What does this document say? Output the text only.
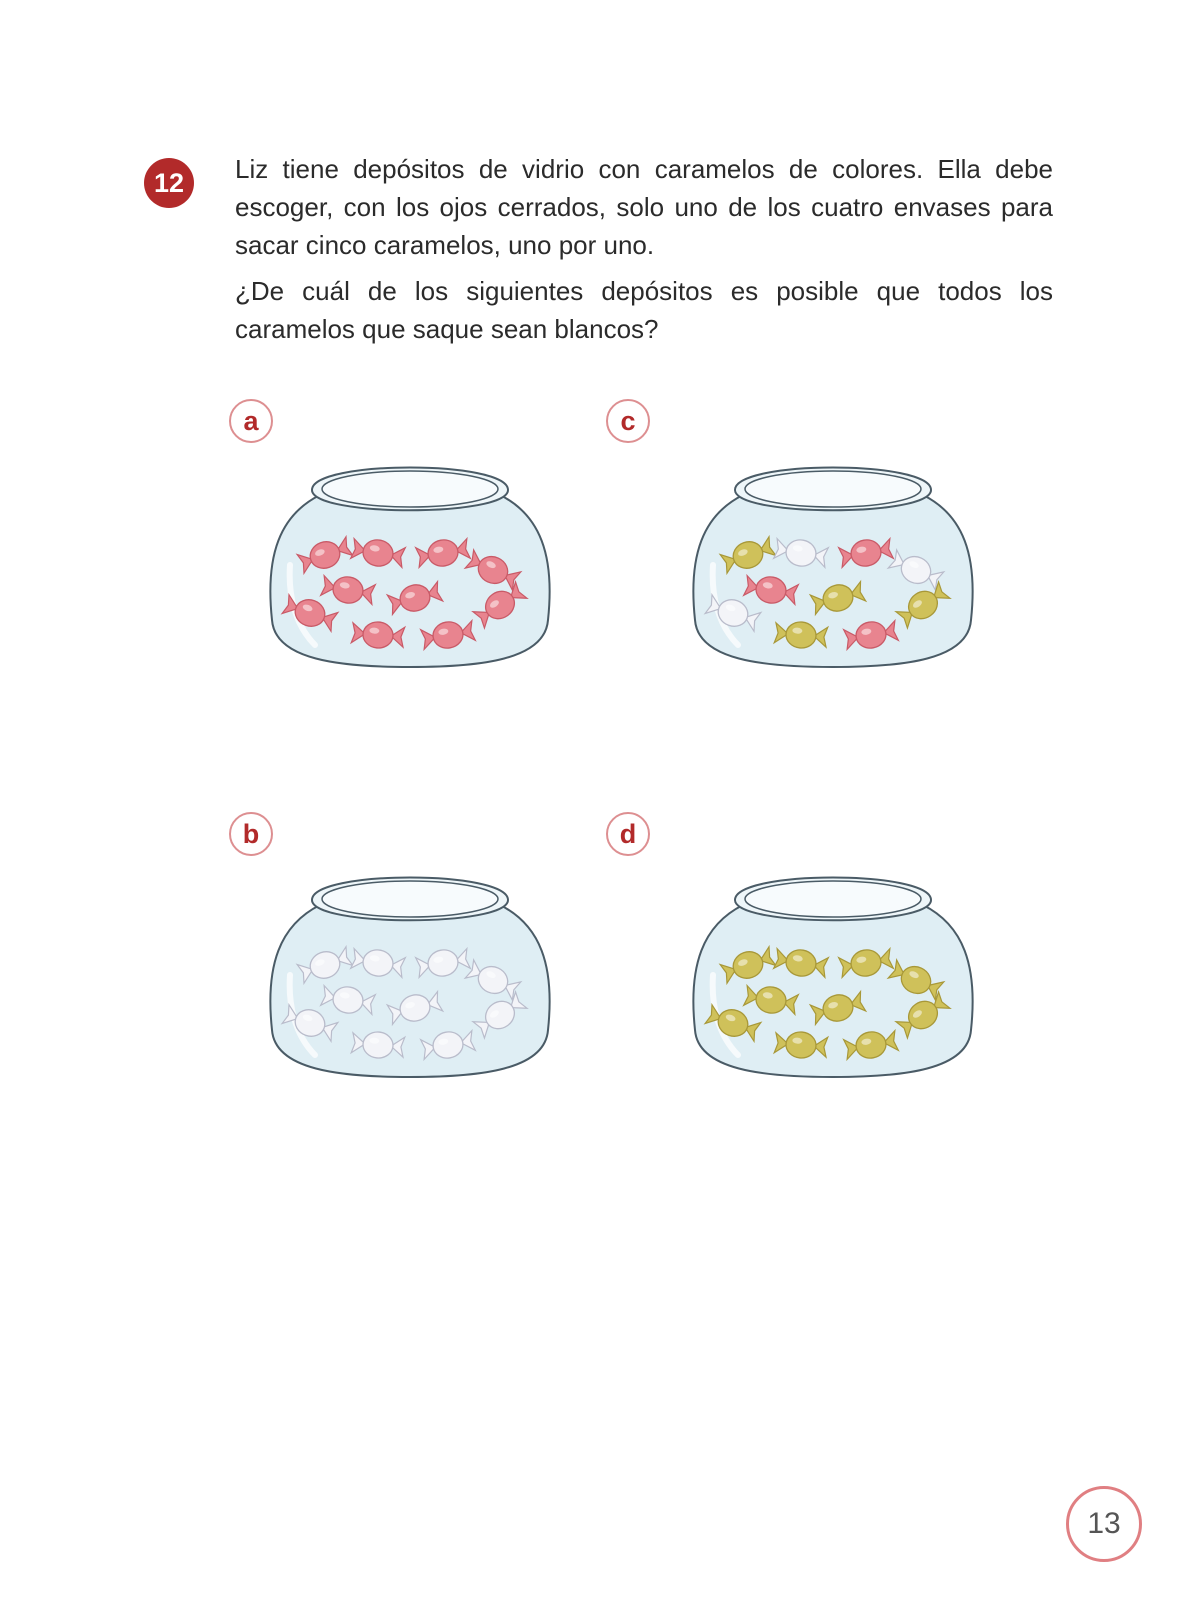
12	Liz tiene depósitos de vidrio con caramelos de colores. Ella debe escoger, con los ojos cerrados, solo uno de los cuatro envases para sacar cinco caramelos, uno por uno.

¿De cuál de los siguientes depósitos es posible que todos los caramelos que saque sean blancos?

a	c
b	d
13
